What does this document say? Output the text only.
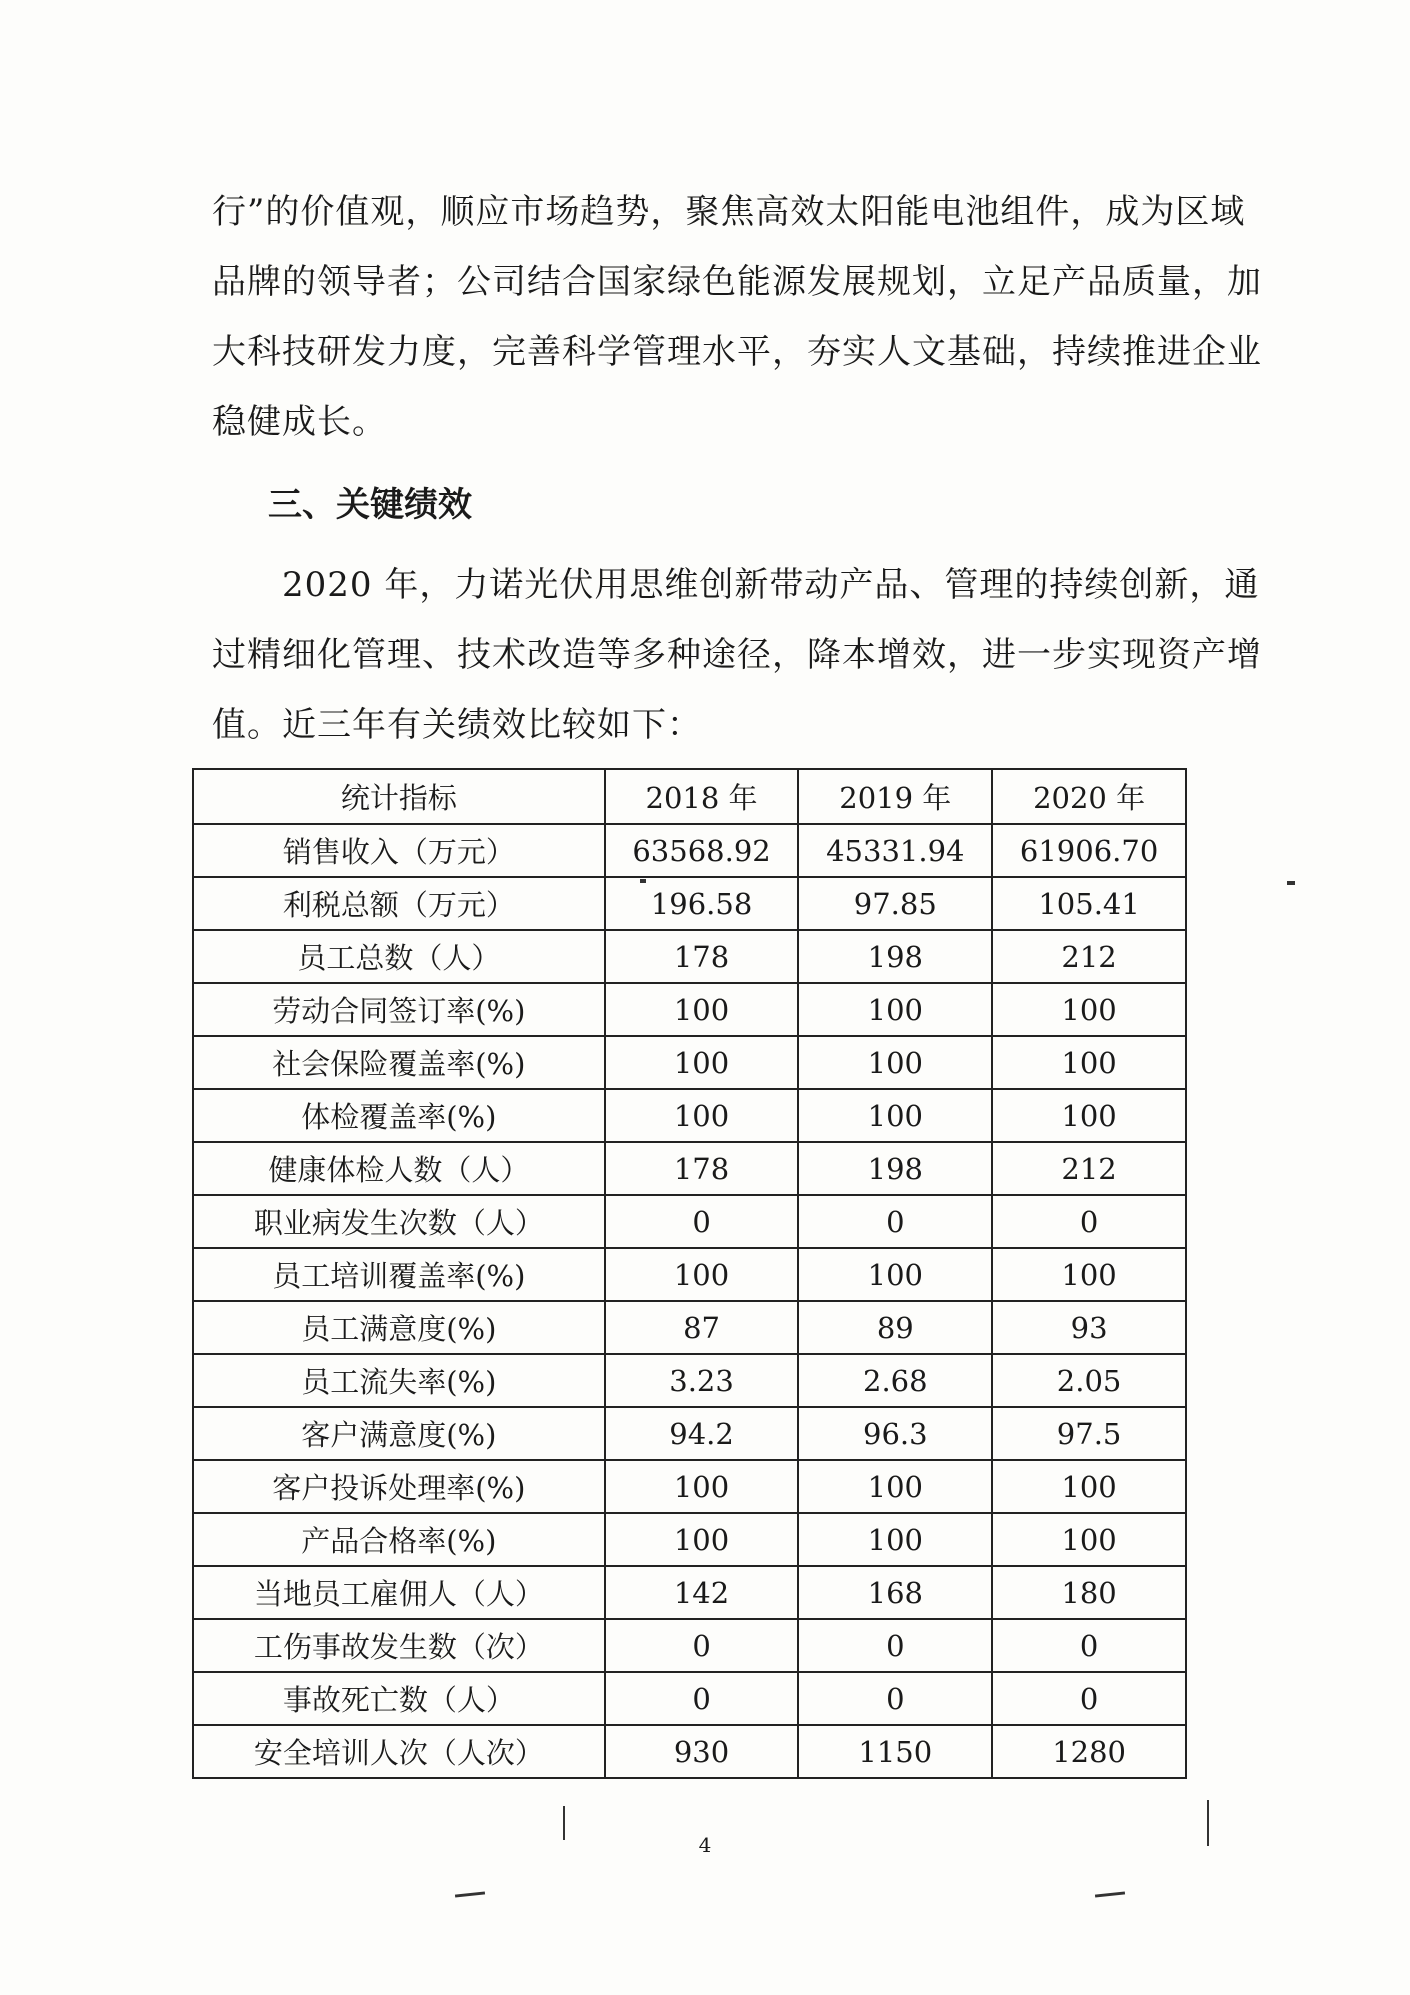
行”的价值观，顺应市场趋势，聚焦高效太阳能电池组件，成为区域
品牌的领导者；公司结合国家绿色能源发展规划，立足产品质量，加
大科技研发力度，完善科学管理水平，夯实人文基础，持续推进企业
稳健成长。

三、关键绩效

　　2020 年，力诺光伏用思维创新带动产品、管理的持续创新，通
过精细化管理、技术改造等多种途径，降本增效，进一步实现资产增
值。近三年有关绩效比较如下：

统计指标	2018 年	2019 年	2020 年
销售收入（万元）	63568.92	45331.94	61906.70
利税总额（万元）	196.58	97.85	105.41
员工总数（人）	178	198	212
劳动合同签订率(%)	100	100	100
社会保险覆盖率(%)	100	100	100
体检覆盖率(%)	100	100	100
健康体检人数（人）	178	198	212
职业病发生次数（人）	0	0	0
员工培训覆盖率(%)	100	100	100
员工满意度(%)	87	89	93
员工流失率(%)	3.23	2.68	2.05
客户满意度(%)	94.2	96.3	97.5
客户投诉处理率(%)	100	100	100
产品合格率(%)	100	100	100
当地员工雇佣人（人）	142	168	180
工伤事故发生数（次）	0	0	0
事故死亡数（人）	0	0	0
安全培训人次（人次）	930	1150	1280

4
